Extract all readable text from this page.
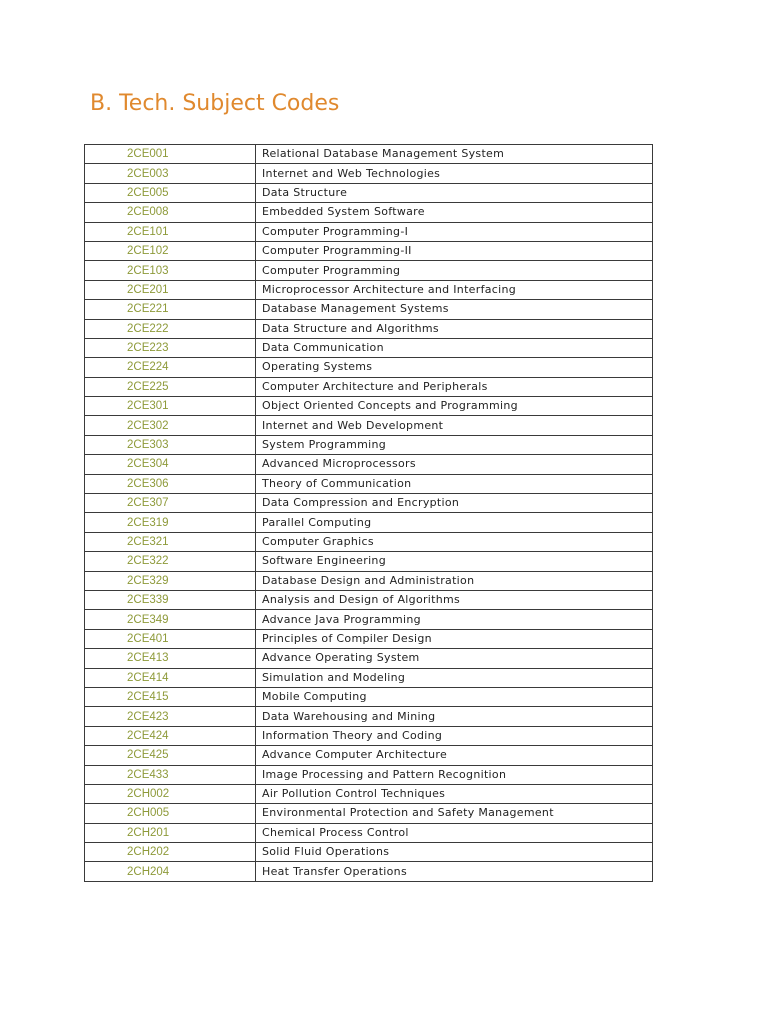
B. Tech. Subject Codes
2CE001	Relational Database Management System
2CE003	Internet and Web Technologies
2CE005	Data Structure
2CE008	Embedded System Software
2CE101	Computer Programming-I
2CE102	Computer Programming-II
2CE103	Computer Programming
2CE201	Microprocessor Architecture and Interfacing
2CE221	Database Management Systems
2CE222	Data Structure and Algorithms
2CE223	Data Communication
2CE224	Operating Systems
2CE225	Computer Architecture and Peripherals
2CE301	Object Oriented Concepts and Programming
2CE302	Internet and Web Development
2CE303	System Programming
2CE304	Advanced Microprocessors
2CE306	Theory of Communication
2CE307	Data Compression and Encryption
2CE319	Parallel Computing
2CE321	Computer Graphics
2CE322	Software Engineering
2CE329	Database Design and Administration
2CE339	Analysis and Design of Algorithms
2CE349	Advance Java Programming
2CE401	Principles of Compiler Design
2CE413	Advance Operating System
2CE414	Simulation and Modeling
2CE415	Mobile Computing
2CE423	Data Warehousing and Mining
2CE424	Information Theory and Coding
2CE425	Advance Computer Architecture
2CE433	Image Processing and Pattern Recognition
2CH002	Air Pollution Control Techniques
2CH005	Environmental Protection and Safety Management
2CH201	Chemical Process Control
2CH202	Solid Fluid Operations
2CH204	Heat Transfer Operations
